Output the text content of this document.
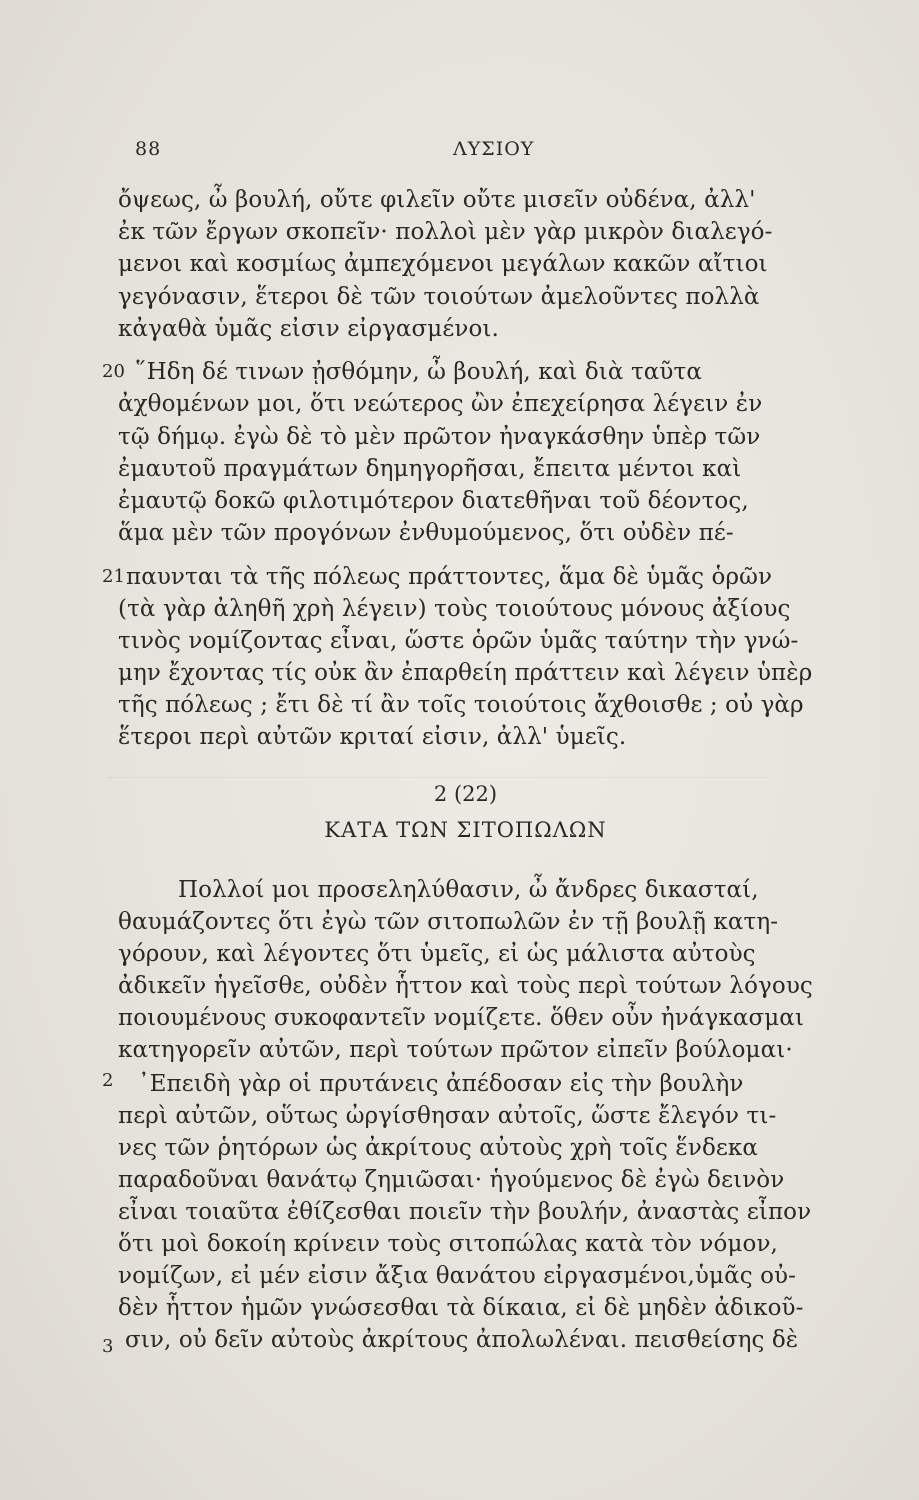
88	ΛΥΣΙΟΥ
ὄψεως, ὦ βουλή, οὔτε φιλεῖν οὔτε μισεῖν οὐδένα, ἀλλ'
ἐκ τῶν ἔργων σκοπεῖν· πολλοὶ μὲν γὰρ μικρὸν διαλεγό-
μενοι καὶ κοσμίως ἀμπεχόμενοι μεγάλων κακῶν αἴτιοι
γεγόνασιν, ἕτεροι δὲ τῶν τοιούτων ἀμελοῦντες πολλὰ
κἀγαθὰ ὑμᾶς εἰσιν εἰργασμένοι.
20 ῞Ηδη δέ τινων ᾐσθόμην, ὦ βουλή, καὶ διὰ ταῦτα
ἀχθομένων μοι, ὅτι νεώτερος ὢν ἐπεχείρησα λέγειν ἐν
τῷ δήμῳ. ἐγὼ δὲ τὸ μὲν πρῶτον ἠναγκάσθην ὑπὲρ τῶν
ἐμαυτοῦ πραγμάτων δημηγορῆσαι, ἔπειτα μέντοι καὶ
ἐμαυτῷ δοκῶ φιλοτιμότερον διατεθῆναι τοῦ δέοντος,
ἅμα μὲν τῶν προγόνων ἐνθυμούμενος, ὅτι οὐδὲν πέ-
21 παυνται τὰ τῆς πόλεως πράττοντες, ἅμα δὲ ὑμᾶς ὁρῶν
(τὰ γὰρ ἀληθῆ χρὴ λέγειν) τοὺς τοιούτους μόνους ἀξίους
τινὸς νομίζοντας εἶναι, ὥστε ὁρῶν ὑμᾶς ταύτην τὴν γνώ-
μην ἔχοντας τίς οὐκ ἂν ἐπαρθείη πράττειν καὶ λέγειν ὑπὲρ
τῆς πόλεως ; ἔτι δὲ τί ἂν τοῖς τοιούτοις ἄχθοισθε ; οὐ γὰρ
ἕτεροι περὶ αὐτῶν κριταί εἰσιν, ἀλλ' ὑμεῖς.
2 (22)
ΚΑΤΑ ΤΩΝ ΣΙΤΟΠΩΛΩΝ
Πολλοί μοι προσεληλύθασιν, ὦ ἄνδρες δικασταί,
θαυμάζοντες ὅτι ἐγὼ τῶν σιτοπωλῶν ἐν τῇ βουλῇ κατη-
γόρουν, καὶ λέγοντες ὅτι ὑμεῖς, εἰ ὡς μάλιστα αὐτοὺς
ἀδικεῖν ἡγεῖσθε, οὐδὲν ἧττον καὶ τοὺς περὶ τούτων λόγους
ποιουμένους συκοφαντεῖν νομίζετε. ὅθεν οὖν ἠνάγκασμαι
κατηγορεῖν αὐτῶν, περὶ τούτων πρῶτον εἰπεῖν βούλομαι·
2	᾿Επειδὴ γὰρ οἱ πρυτάνεις ἀπέδοσαν εἰς τὴν βουλὴν
περὶ αὐτῶν, οὕτως ὠργίσθησαν αὐτοῖς, ὥστε ἔλεγόν τι-
νες τῶν ῥητόρων ὡς ἀκρίτους αὐτοὺς χρὴ τοῖς ἕνδεκα
παραδοῦναι θανάτῳ ζημιῶσαι· ἡγούμενος δὲ ἐγὼ δεινὸν
εἶναι τοιαῦτα ἐθίζεσθαι ποιεῖν τὴν βουλήν, ἀναστὰς εἶπον
ὅτι μοὶ δοκοίη κρίνειν τοὺς σιτοπώλας κατὰ τὸν νόμον,
νομίζων, εἰ μέν εἰσιν ἄξια θανάτου εἰργασμένοι,ὑμᾶς οὐ-
δὲν ἧττον ἡμῶν γνώσεσθαι τὰ δίκαια, εἰ δὲ μηδὲν ἀδικοῦ-
3 σιν, οὐ δεῖν αὐτοὺς ἀκρίτους ἀπολωλέναι. πεισθείσης δὲ
